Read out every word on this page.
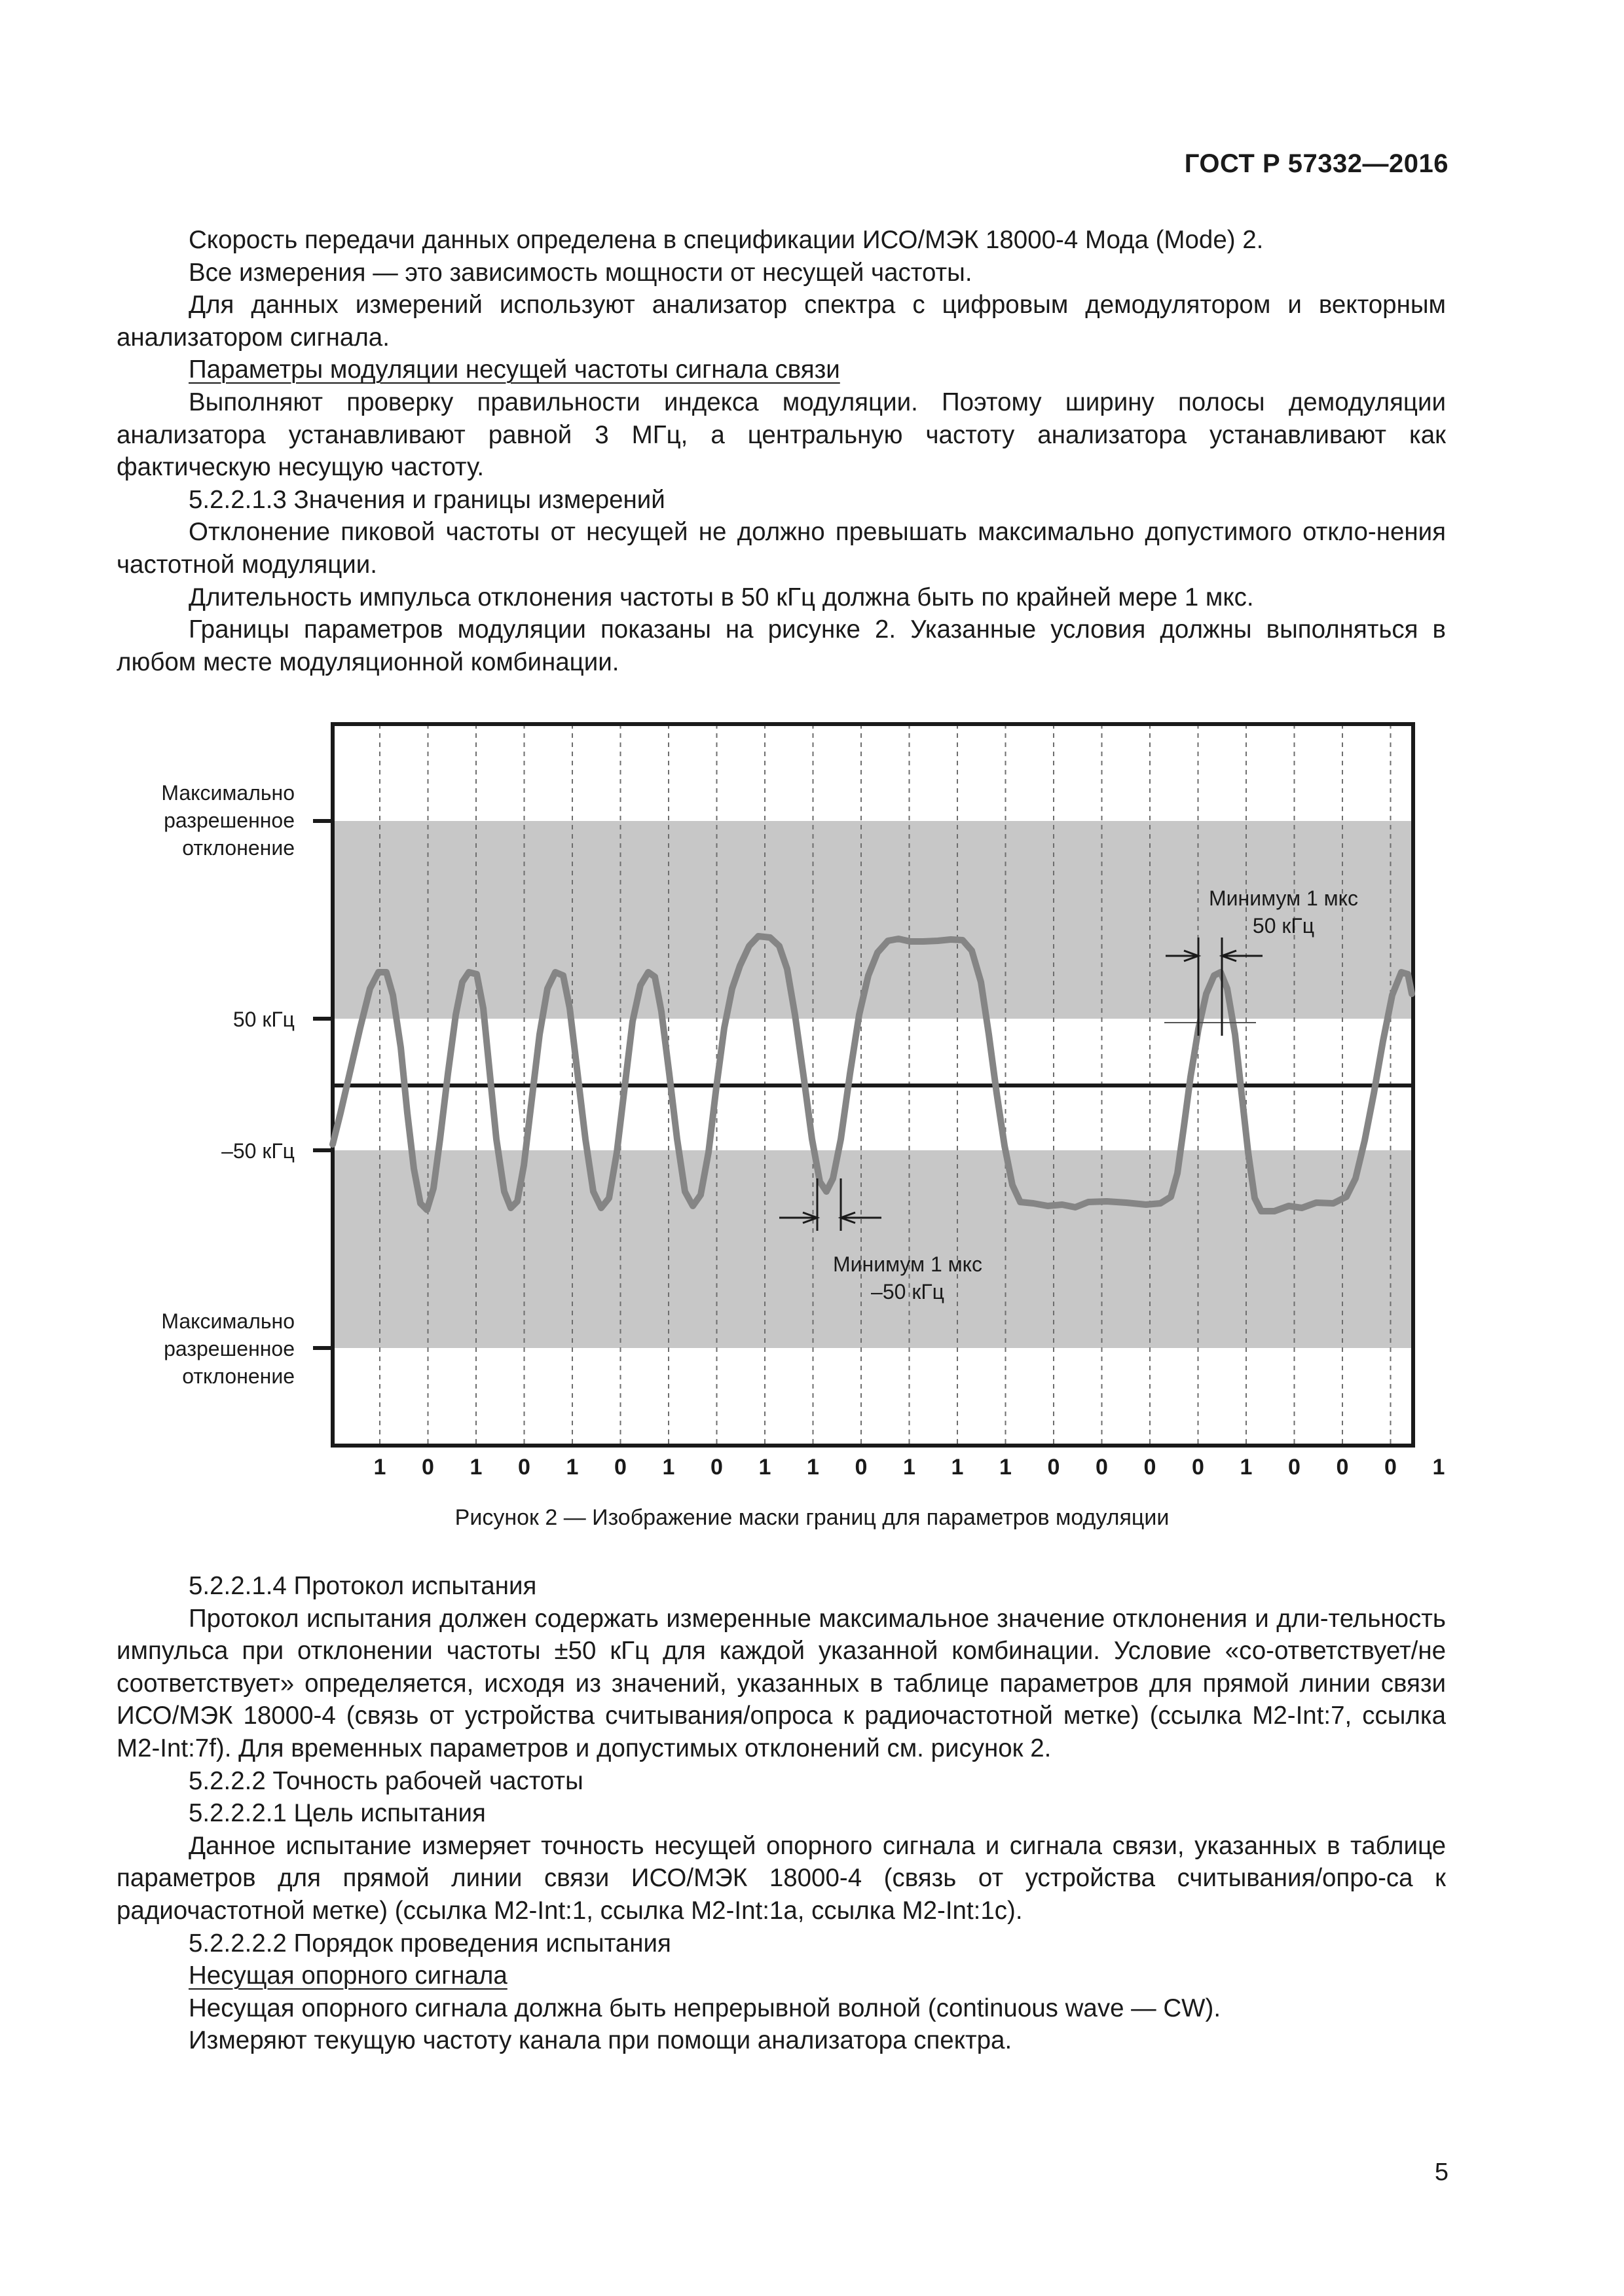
ГОСТ Р 57332—2016

Скорость передачи данных определена в спецификации ИСО/МЭК 18000-4 Мода (Mode) 2.

Все измерения — это зависимость мощности от несущей частоты.

Для данных измерений используют анализатор спектра с цифровым демодулятором и векторным анализатором сигнала.

Параметры модуляции несущей частоты сигнала связи

Выполняют проверку правильности индекса модуляции. Поэтому ширину полосы демодуляции анализатора устанавливают равной 3 МГц, а центральную частоту анализатора устанавливают как фактическую несущую частоту.

5.2.2.1.3 Значения и границы измерений

Отклонение пиковой частоты от несущей не должно превышать максимально допустимого откло-нения частотной модуляции.

Длительность импульса отклонения частоты в 50 кГц должна быть по крайней мере 1 мкс.

Границы параметров модуляции показаны на рисунке 2. Указанные условия должны выполняться в любом месте модуляционной комбинации.

Максимально
разрешенное
отклонение
50 кГц
–50 кГц
Максимально
разрешенное
отклонение
Минимум 1 мкс
50 кГц
Минимум 1 мкс
–50 кГц
1 0 1 0 1 0 1 0 1 1 0 1 1 1 0 0 0 0 1 0 0 0 1
Рисунок 2 — Изображение маски границ для параметров модуляции

5.2.2.1.4 Протокол испытания

Протокол испытания должен содержать измеренные максимальное значение отклонения и дли-тельность импульса при отклонении частоты ±50 кГц для каждой указанной комбинации. Условие «со-ответствует/не соответствует» определяется, исходя из значений, указанных в таблице параметров для прямой линии связи ИСО/МЭК 18000-4 (связь от устройства считывания/опроса к радиочастотной метке) (ссылка M2-Int:7, ссылка M2-Int:7f). Для временных параметров и допустимых отклонений см. рисунок 2.

5.2.2.2 Точность рабочей частоты

5.2.2.2.1 Цель испытания

Данное испытание измеряет точность несущей опорного сигнала и сигнала связи, указанных в таблице параметров для прямой линии связи ИСО/МЭК 18000-4 (связь от устройства считывания/опро-са к радиочастотной метке) (ссылка M2-Int:1, ссылка M2-Int:1a, ссылка M2-Int:1c).

5.2.2.2.2 Порядок проведения испытания

Несущая опорного сигнала

Несущая опорного сигнала должна быть непрерывной волной (continuous wave — CW).

Измеряют текущую частоту канала при помощи анализатора спектра.

5
